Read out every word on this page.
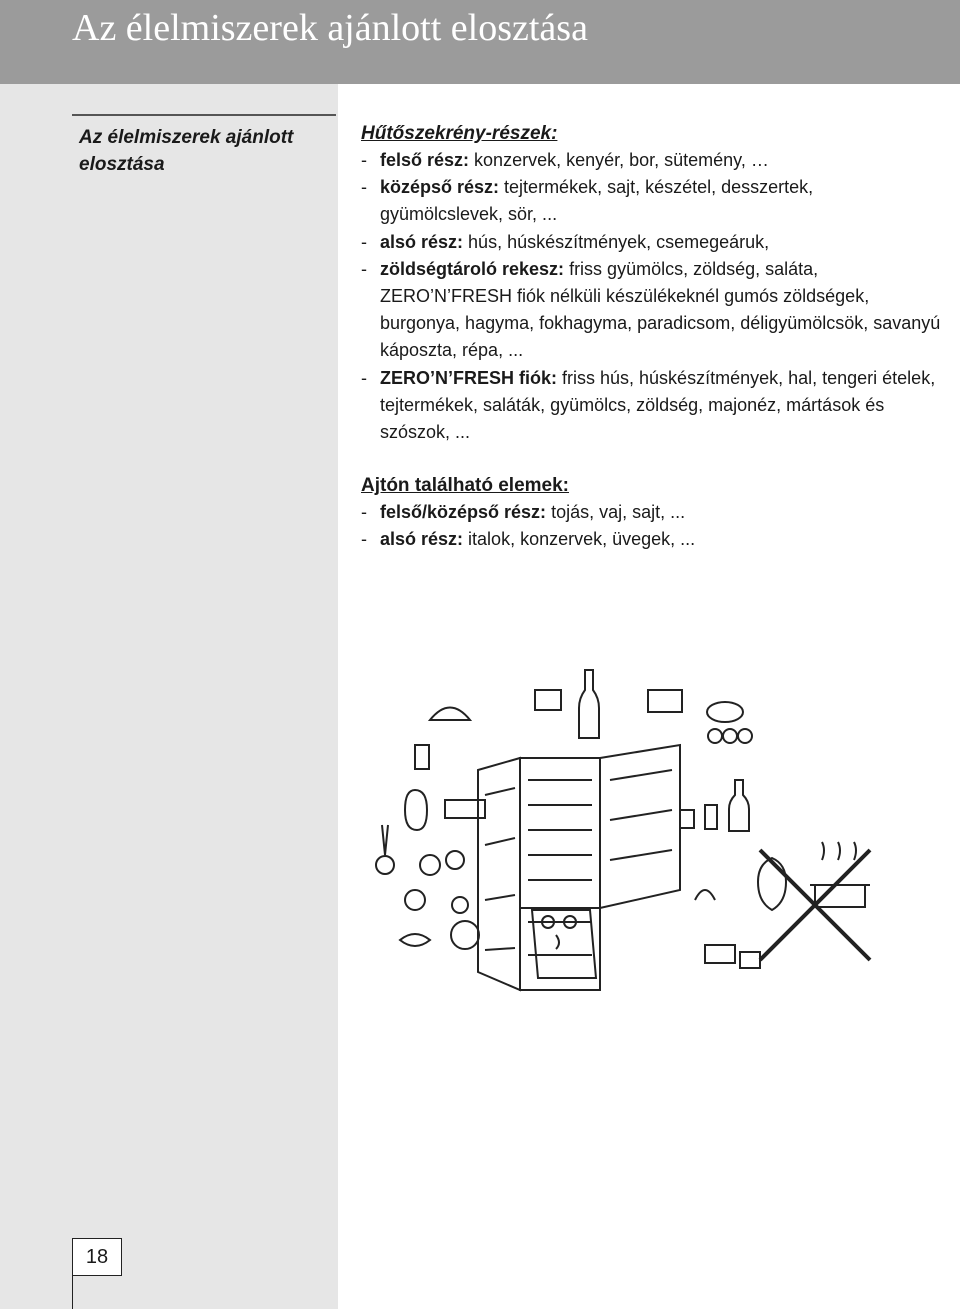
Az élelmiszerek ajánlott elosztása
Az élelmiszerek ajánlott elosztása
18

Hűtőszekrény-részek:

- felső rész: konzervek, kenyér, bor, sütemény, …
- középső rész: tejtermékek, sajt, készétel, desszertek, gyümölcslevek, sör, ...
- alsó rész: hús, húskészítmények, csemegeáruk,
- zöldségtároló rekesz: friss gyümölcs, zöldség, saláta, ZERO’N’FRESH fiók nélküli készülékeknél gumós zöldségek, burgonya, hagyma, fokhagyma, paradicsom, déligyümölcsök, savanyú káposzta, répa, ...
- ZERO’N’FRESH fiók: friss hús, húskészítmények, hal, tengeri ételek, tejtermékek, saláták, gyümölcs, zöldség, majonéz, mártások és szószok, ...

Ajtón található elemek:

- felső/középső rész: tojás, vaj, sajt, ...
- alsó rész: italok, konzervek, üvegek, ...
